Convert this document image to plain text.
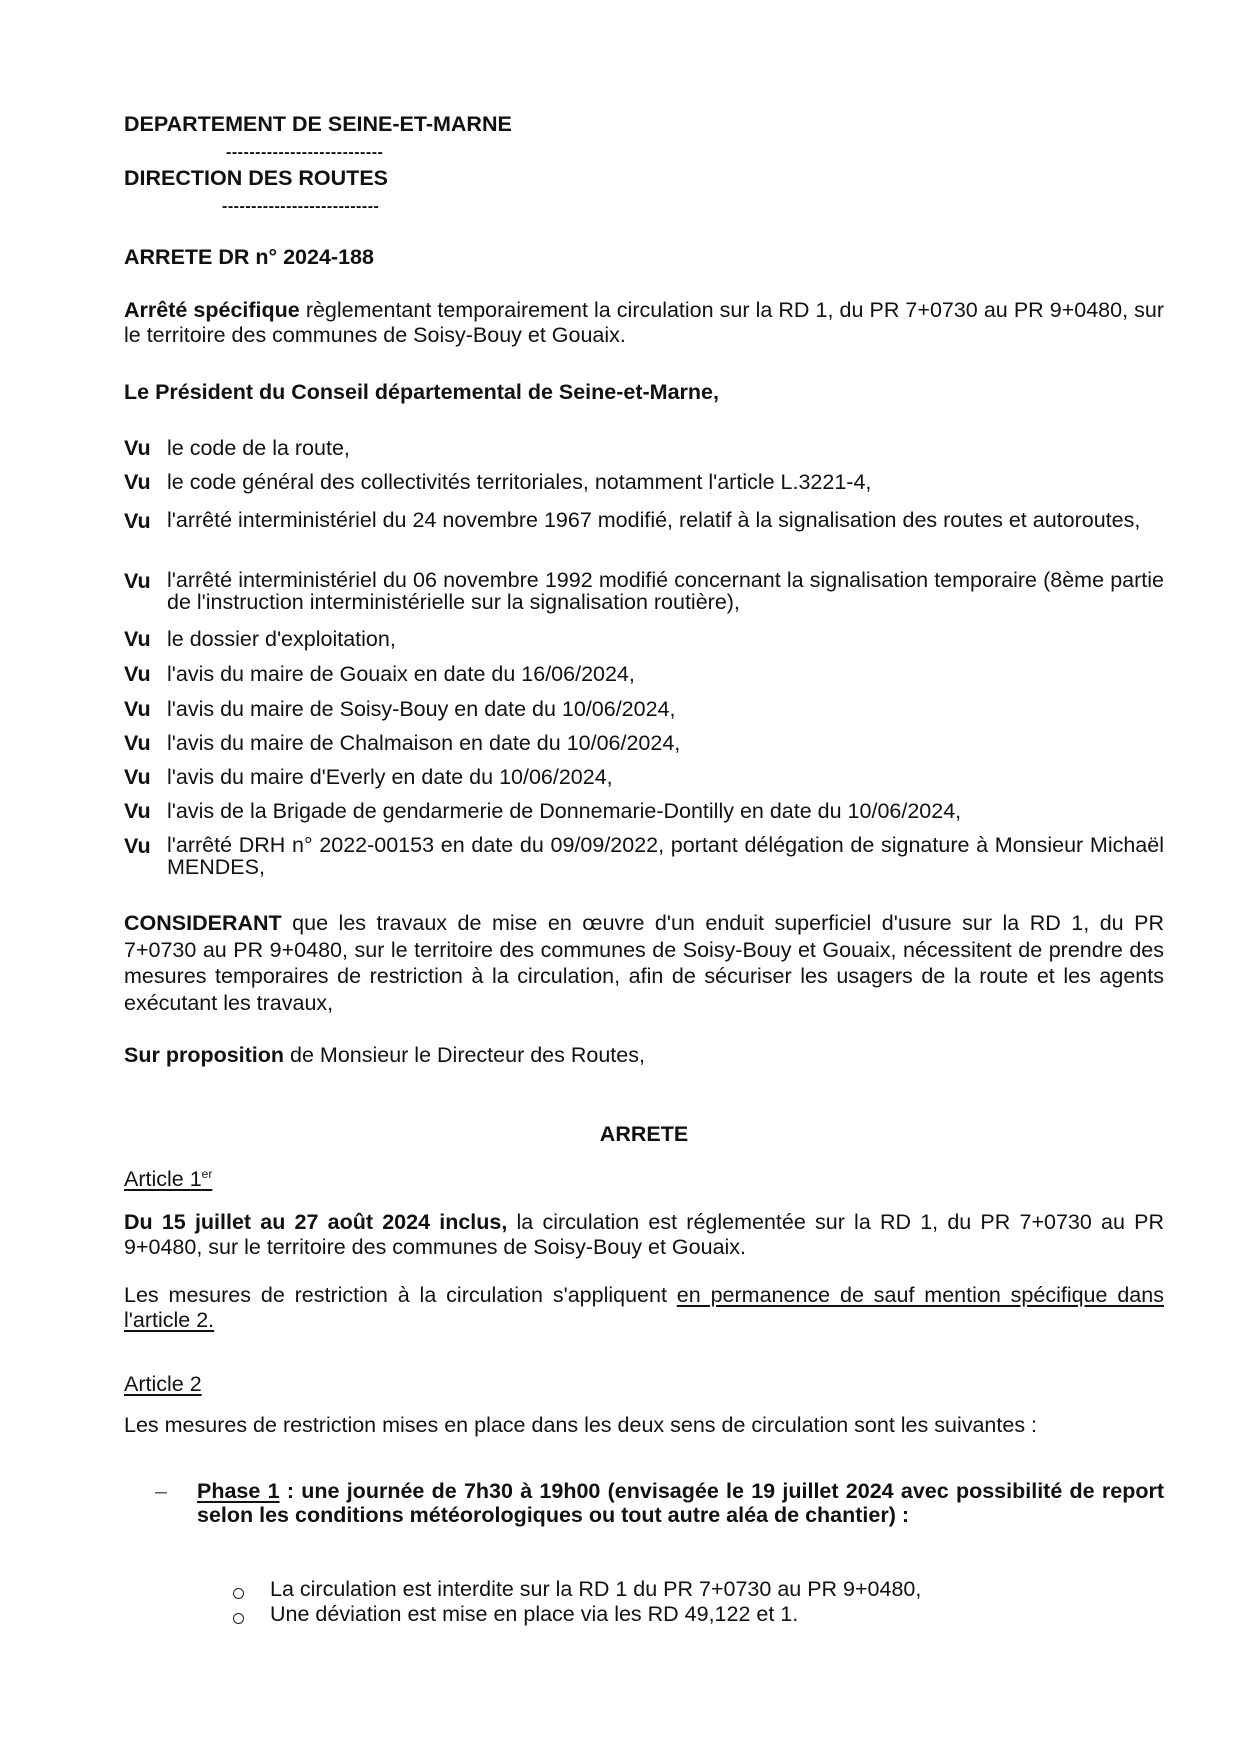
DEPARTEMENT DE SEINE-ET-MARNE
---------------------------
DIRECTION DES ROUTES
---------------------------
ARRETE DR n° 2024-188
Arrêté spécifique règlementant temporairement la circulation sur la RD 1, du PR 7+0730 au PR 9+0480, sur le territoire des communes de Soisy-Bouy et Gouaix.
Le Président du Conseil départemental de Seine-et-Marne,
Vu le code de la route,
Vu le code général des collectivités territoriales, notamment l'article L.3221-4,
Vu l'arrêté interministériel du 24 novembre 1967 modifié, relatif à la signalisation des routes et autoroutes,
Vu l'arrêté interministériel du 06 novembre 1992 modifié concernant la signalisation temporaire (8ème partie de l'instruction interministérielle sur la signalisation routière),
Vu le dossier d'exploitation,
Vu l'avis du maire de Gouaix en date du 16/06/2024,
Vu l'avis du maire de Soisy-Bouy en date du 10/06/2024,
Vu l'avis du maire de Chalmaison en date du 10/06/2024,
Vu l'avis du maire d'Everly en date du 10/06/2024,
Vu l'avis de la Brigade de gendarmerie de Donnemarie-Dontilly en date du 10/06/2024,
Vu l'arrêté DRH n° 2022-00153 en date du 09/09/2022, portant délégation de signature à Monsieur Michaël MENDES,
CONSIDERANT que les travaux de mise en œuvre d'un enduit superficiel d'usure sur la RD 1, du PR 7+0730 au PR 9+0480, sur le territoire des communes de Soisy-Bouy et Gouaix, nécessitent de prendre des mesures temporaires de restriction à la circulation, afin de sécuriser les usagers de la route et les agents exécutant les travaux,
Sur proposition de Monsieur le Directeur des Routes,
ARRETE
Article 1er
Du 15 juillet au 27 août 2024 inclus, la circulation est réglementée sur la RD 1, du PR 7+0730 au PR 9+0480, sur le territoire des communes de Soisy-Bouy et Gouaix.
Les mesures de restriction à la circulation s'appliquent en permanence de sauf mention spécifique dans l'article 2.
Article 2
Les mesures de restriction mises en place dans les deux sens de circulation sont les suivantes :
– Phase 1 : une journée de 7h30 à 19h00 (envisagée le 19 juillet 2024 avec possibilité de report selon les conditions météorologiques ou tout autre aléa de chantier) :
La circulation est interdite sur la RD 1 du PR 7+0730 au PR 9+0480,
Une déviation est mise en place via les RD 49,122 et 1.
